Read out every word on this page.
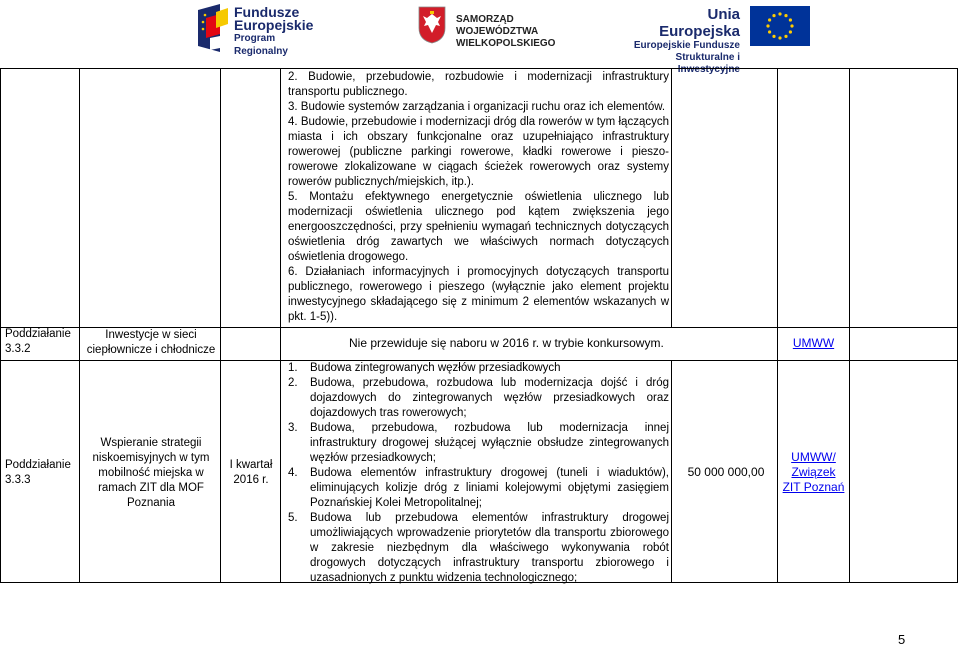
Fundusze
Europejskie
Program Regionalny
SAMORZĄD WOJEWÓDZTWA
WIELKOPOLSKIEGO
Unia Europejska
Europejskie Fundusze
Strukturalne i Inwestycyjne
2. Budowie, przebudowie, rozbudowie i modernizacji infrastruktury transportu publicznego.
3. Budowie systemów zarządzania i organizacji ruchu oraz ich elementów.
4. Budowie, przebudowie i modernizacji dróg dla rowerów w tym łączących miasta i ich obszary funkcjonalne oraz uzupełniająco infrastruktury rowerowej (publiczne parkingi rowerowe, kładki rowerowe i pieszo-rowerowe zlokalizowane w ciągach ścieżek rowerowych oraz systemy rowerów publicznych/miejskich, itp.).
5. Montażu efektywnego energetycznie oświetlenia ulicznego lub modernizacji oświetlenia ulicznego pod kątem zwiększenia jego energooszczędności, przy spełnieniu wymagań technicznych dotyczących oświetlenia dróg zawartych we właściwych normach dotyczących oświetlenia drogowego.
6. Działaniach informacyjnych i promocyjnych dotyczących transportu publicznego, rowerowego i pieszego (wyłącznie jako element projektu inwestycyjnego składającego się z minimum 2 elementów wskazanych w pkt. 1-5)).
Poddziałanie 3.3.2
Inwestycje w sieci ciepłownicze i chłodnicze	Nie przewiduje się naboru w 2016 r. w trybie konkursowym.	UMWW
Poddziałanie 3.3.3
Wspieranie strategii niskoemisyjnych w tym mobilność miejska w ramach ZIT dla MOF Poznania
I kwartał 2016 r.
1. Budowa zintegrowanych węzłów przesiadkowych
2. Budowa, przebudowa, rozbudowa lub modernizacja dojść i dróg dojazdowych do zintegrowanych węzłów przesiadkowych oraz dojazdowych tras rowerowych;
3. Budowa, przebudowa, rozbudowa lub modernizacja innej infrastruktury drogowej służącej wyłącznie obsłudze zintegrowanych węzłów przesiadkowych;
4. Budowa elementów infrastruktury drogowej (tuneli i wiaduktów), eliminujących kolizje dróg z liniami kolejowymi objętymi zasięgiem Poznańskiej Kolei Metropolitalnej;
5. Budowa lub przebudowa elementów infrastruktury drogowej umożliwiających wprowadzenie priorytetów dla transportu zbiorowego w zakresie niezbędnym dla właściwego wykonywania robót drogowych dotyczących infrastruktury transportu zbiorowego i uzasadnionych z punktu widzenia technologicznego;
50 000 000,00
UMWW/ Związek ZIT Poznań
5
